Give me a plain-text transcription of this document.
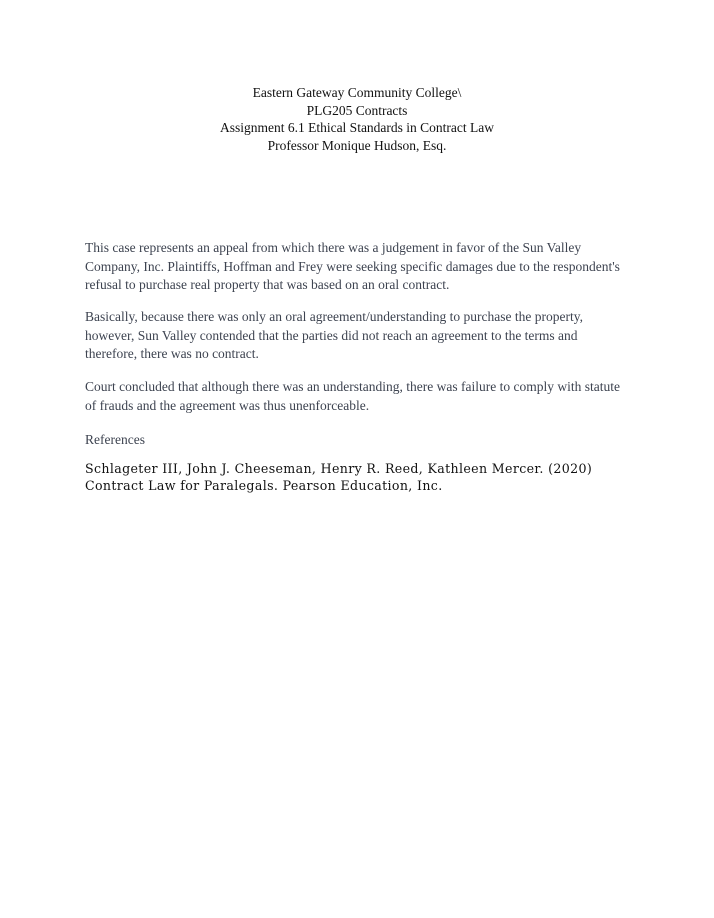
Eastern Gateway Community College\
PLG205 Contracts
Assignment 6.1 Ethical Standards in Contract Law
Professor Monique Hudson, Esq.
This case represents an appeal from which there was a judgement in favor of the Sun Valley Company, Inc. Plaintiffs, Hoffman and Frey were seeking specific damages due to the respondent's refusal to purchase real property that was based on an oral contract.
Basically, because there was only an oral agreement/understanding to purchase the property, however, Sun Valley contended that the parties did not reach an agreement to the terms and therefore, there was no contract.
Court concluded that although there was an understanding, there was failure to comply with statute of frauds and the agreement was thus unenforceable.
References
Schlageter III, John J. Cheeseman, Henry R. Reed, Kathleen Mercer. (2020) Contract Law for Paralegals. Pearson Education, Inc.
